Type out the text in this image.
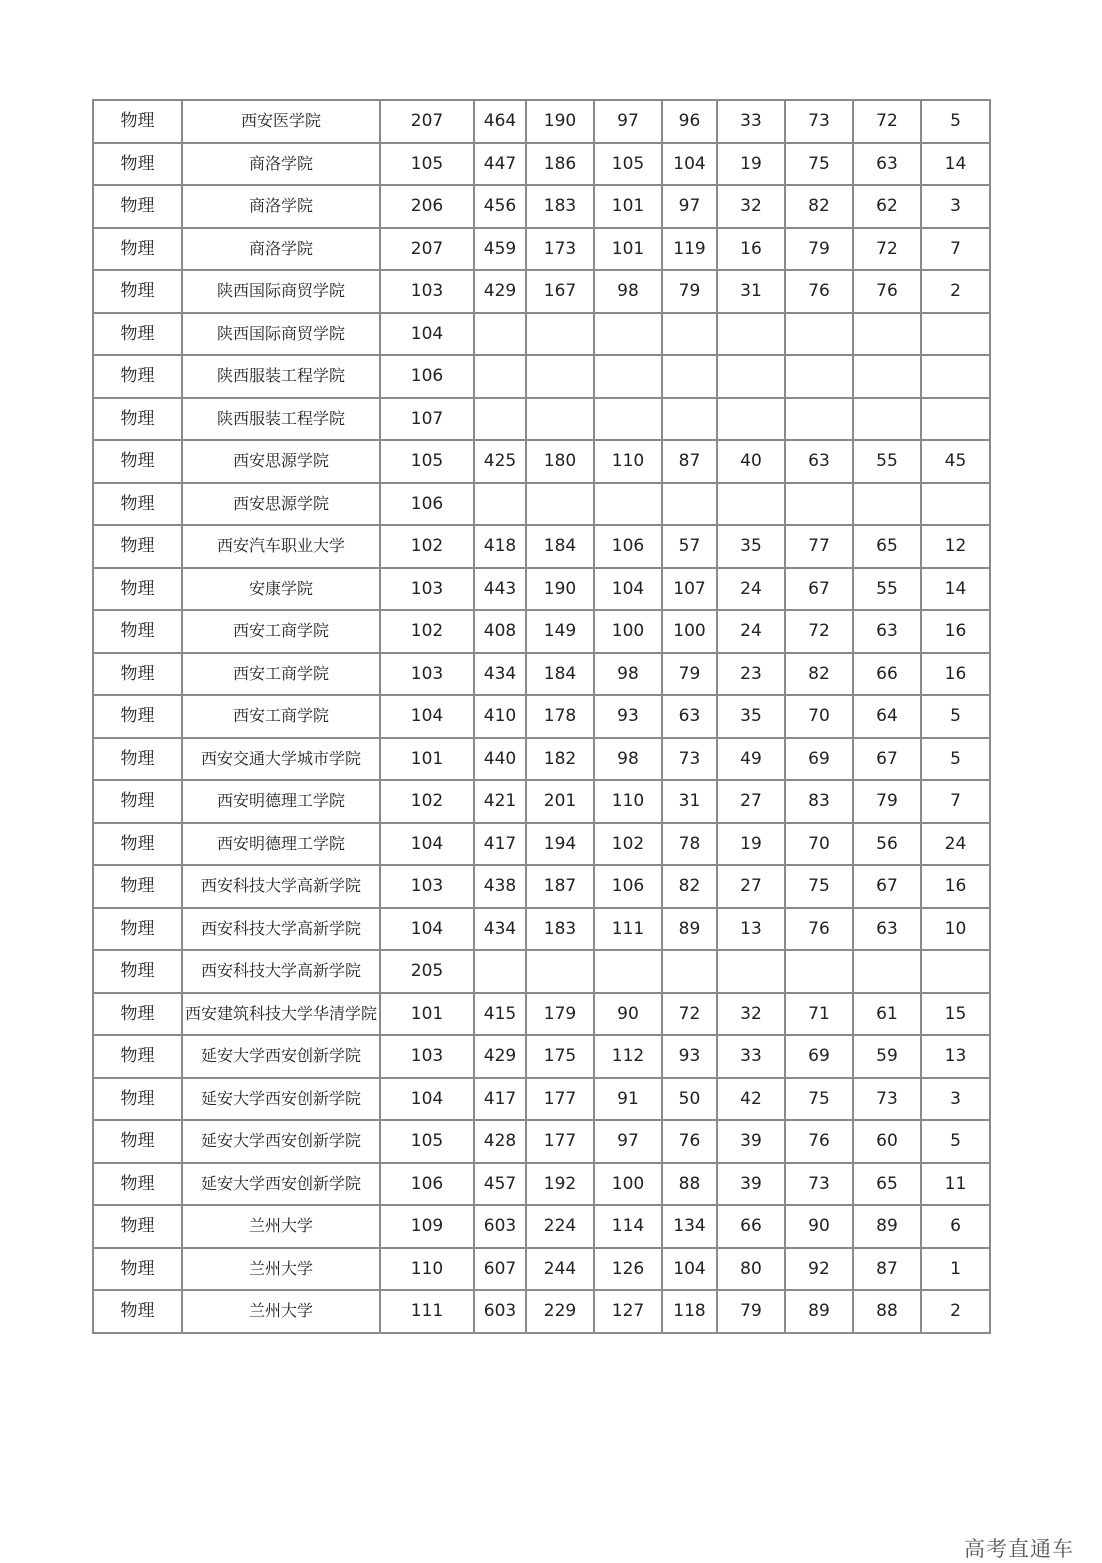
物理	西安医学院	207	464	190	97	96	33	73	72	5
物理	商洛学院	105	447	186	105	104	19	75	63	14
物理	商洛学院	206	456	183	101	97	32	82	62	3
物理	商洛学院	207	459	173	101	119	16	79	72	7
物理	陕西国际商贸学院	103	429	167	98	79	31	76	76	2
物理	陕西国际商贸学院	104								
物理	陕西服装工程学院	106								
物理	陕西服装工程学院	107								
物理	西安思源学院	105	425	180	110	87	40	63	55	45
物理	西安思源学院	106								
物理	西安汽车职业大学	102	418	184	106	57	35	77	65	12
物理	安康学院	103	443	190	104	107	24	67	55	14
物理	西安工商学院	102	408	149	100	100	24	72	63	16
物理	西安工商学院	103	434	184	98	79	23	82	66	16
物理	西安工商学院	104	410	178	93	63	35	70	64	5
物理	西安交通大学城市学院	101	440	182	98	73	49	69	67	5
物理	西安明德理工学院	102	421	201	110	31	27	83	79	7
物理	西安明德理工学院	104	417	194	102	78	19	70	56	24
物理	西安科技大学高新学院	103	438	187	106	82	27	75	67	16
物理	西安科技大学高新学院	104	434	183	111	89	13	76	63	10
物理	西安科技大学高新学院	205								
物理	西安建筑科技大学华清学院	101	415	179	90	72	32	71	61	15
物理	延安大学西安创新学院	103	429	175	112	93	33	69	59	13
物理	延安大学西安创新学院	104	417	177	91	50	42	75	73	3
物理	延安大学西安创新学院	105	428	177	97	76	39	76	60	5
物理	延安大学西安创新学院	106	457	192	100	88	39	73	65	11
物理	兰州大学	109	603	224	114	134	66	90	89	6
物理	兰州大学	110	607	244	126	104	80	92	87	1
物理	兰州大学	111	603	229	127	118	79	89	88	2
高考直通车
